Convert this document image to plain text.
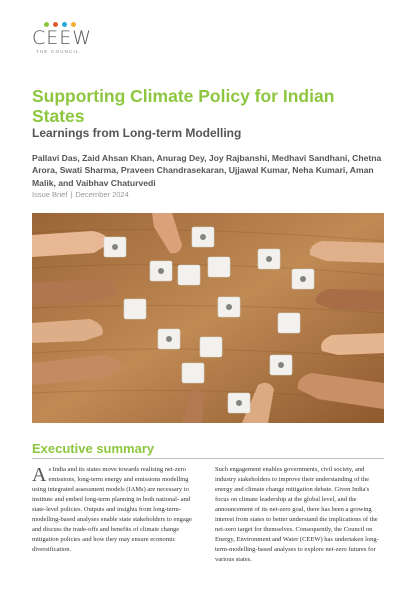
CEEW
THE COUNCIL
Supporting Climate Policy for Indian States
Learnings from Long-term Modelling
Pallavi Das, Zaid Ahsan Khan, Anurag Dey, Joy Rajbanshi, Medhavi Sandhani, Chetna Arora, Swati Sharma, Praveen Chandrasekaran, Ujjawal Kumar, Neha Kumari, Aman Malik, and Vaibhav Chaturvedi
Issue Brief | December 2024
Executive summary
As India and its states move towards realising net-zero emissions, long-term energy and emissions modelling using integrated assessment models (IAMs) are necessary to institute and embed long-term planning in both national- and state-level policies. Outputs and insights from long-term-modelling-based analyses enable state stakeholders to engage and discuss the trade-offs and benefits of climate change mitigation policies and how they may ensure economic diversification.
Such engagement enables governments, civil society, and industry stakeholders to improve their understanding of the energy and climate change mitigation debate. Given India's focus on climate leadership at the global level, and the announcement of its net-zero goal, there has been a growing interest from states to better understand the implications of the net-zero target for themselves. Consequently, the Council on Energy, Environment and Water (CEEW) has undertaken long-term-modelling-based analyses to explore net-zero futures for various states.
